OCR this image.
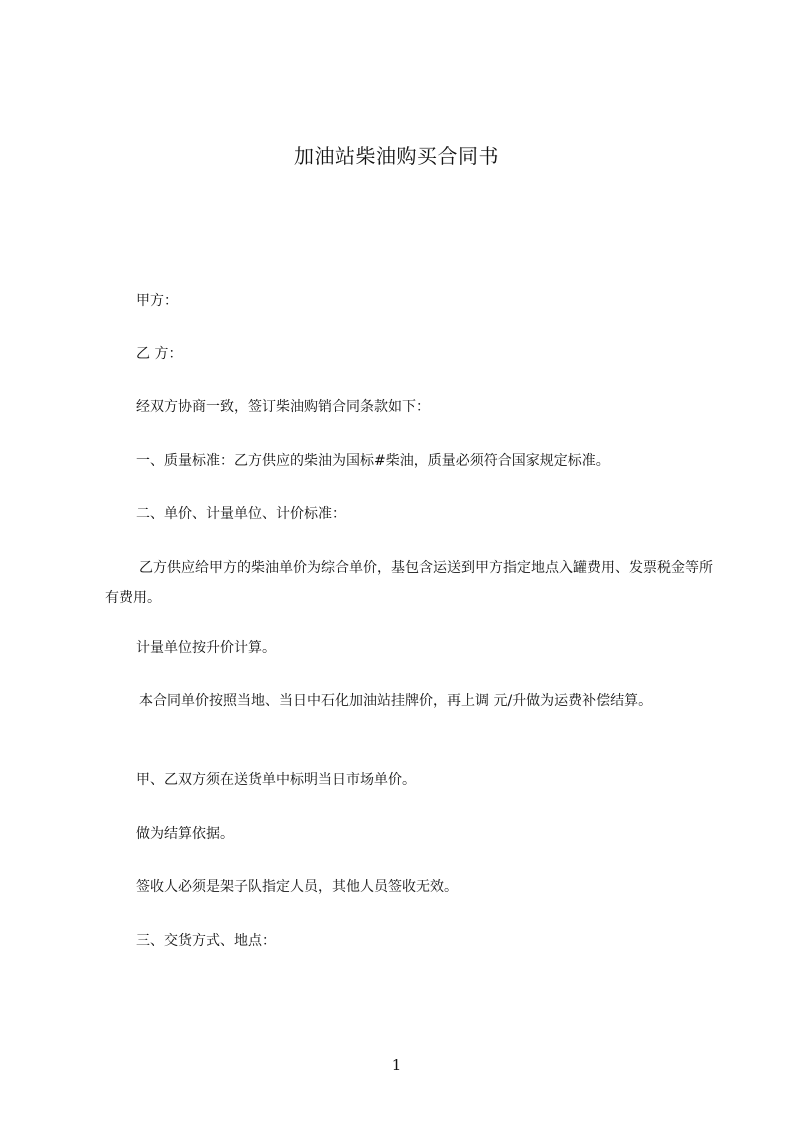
加油站柴油购买合同书
甲方：
乙 方：
经双方协商一致，签订柴油购销合同条款如下：
一、质量标准：乙方供应的柴油为国标#柴油，质量必须符合国家规定标准。
二、单价、计量单位、计价标准：
乙方供应给甲方的柴油单价为综合单价，基包含运送到甲方指定地点入罐费用、发票税金等所有费用。
计量单位按升价计算。
本合同单价按照当地、当日中石化加油站挂牌价，再上调 元/升做为运费补偿结算。
甲、乙双方须在送货单中标明当日市场单价。
做为结算依据。
签收人必须是架子队指定人员，其他人员签收无效。
三、交货方式、地点：
1
